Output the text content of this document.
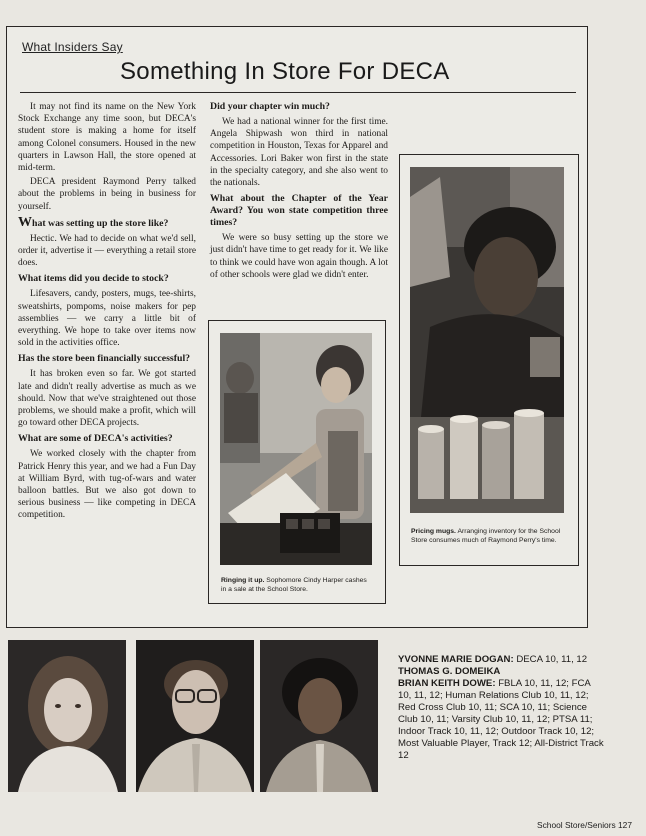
What Insiders Say
Something In Store For DECA

It may not find its name on the New York Stock Exchange any time soon, but DECA's student store is making a home for itself among Colonel consumers. Housed in the new quarters in Lawson Hall, the store opened at mid-term.

DECA president Raymond Perry talked about the problems in being in business for yourself.

What was setting up the store like?

Hectic. We had to decide on what we'd sell, order it, advertise it — everything a retail store does.

What items did you decide to stock?

Lifesavers, candy, posters, mugs, tee-shirts, sweatshirts, pompoms, noise makers for pep assemblies — we carry a little bit of everything. We hope to take over items now sold in the activities office.

Has the store been financially successful?

It has broken even so far. We got started late and didn't really advertise as much as we should. Now that we've straightened out those problems, we should make a profit, which will go toward other DECA projects.

What are some of DECA's activities?

We worked closely with the chapter from Patrick Henry this year, and we had a Fun Day at William Byrd, with tug-of-wars and water balloon battles. But we also got down to serious business — like competing in DECA competition.

Did your chapter win much?

We had a national winner for the first time. Angela Shipwash won third in national competition in Houston, Texas for Apparel and Accessories. Lori Baker won first in the state in the specialty category, and she also went to the nationals.

What about the Chapter of the Year Award? You won state competition three times?

We were so busy setting up the store we just didn't have time to get ready for it. We like to think we could have won again though. A lot of other schools were glad we didn't enter.

Ringing it up. Sophomore Cindy Harper cashes in a sale at the School Store.
Pricing mugs. Arranging inventory for the School Store consumes much of Raymond Perry's time.
YVONNE MARIE DOGAN: DECA 10, 11, 12
THOMAS G. DOMEIKA
BRIAN KEITH DOWE: FBLA 10, 11, 12; FCA 10, 11, 12; Human Relations Club 10, 11, 12; Red Cross Club 10, 11; SCA 10, 11; Science Club 10, 11; Varsity Club 10, 11, 12; PTSA 11; Indoor Track 10, 11, 12; Outdoor Track 10, 12; Most Valuable Player, Track 12; All-District Track 12
School Store/Seniors 127
